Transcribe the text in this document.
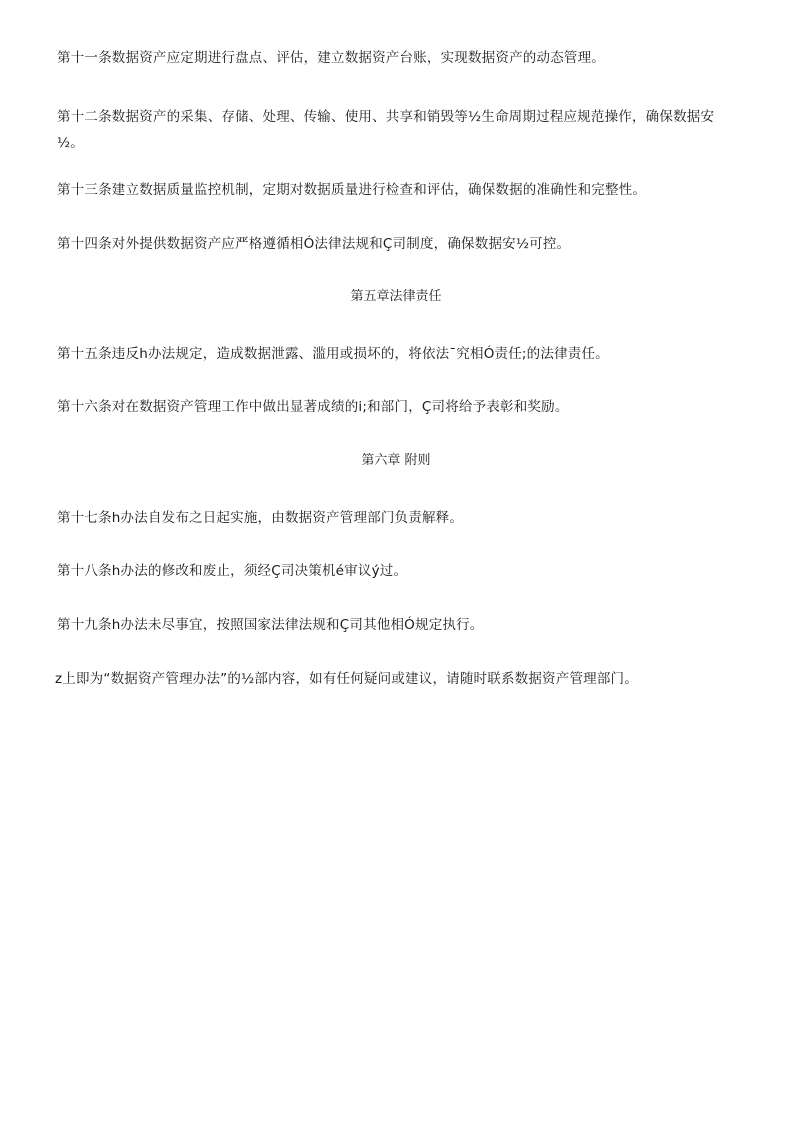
第十一条数据资产应定期进行盘点、评估，建立数据资产台账，实现数据资产的动态管理。

第十二条数据资产的采集、存储、处理、传输、使用、共享和销毁等½生命周期过程应规范操作，确保数据安½。

第十三条建立数据质量监控机制，定期对数据质量进行检查和评估，确保数据的准确性和完整性。

第十四条对外提供数据资产应严格遵循相Ó法律法规和Ç司制度，确保数据安½可控。

第五章法律责任

第十五条违反h办法规定，造成数据泄露、滥用或损坏的，将依法¯究相Ó责任;的法律责任。

第十六条对在数据资产管理工作中做出显著成绩的i;和部门，Ç司将给予表彰和奖励。

第六章 附则

第十七条h办法自发布之日起实施，由数据资产管理部门负责解释。

第十八条h办法的修改和废止，须经Ç司决策机é审议ý过。

第十九条h办法未尽事宜，按照国家法律法规和Ç司其他相Ó规定执行。

z上即为“数据资产管理办法”的½部内容，如有任何疑问或建议，请随时联系数据资产管理部门。
